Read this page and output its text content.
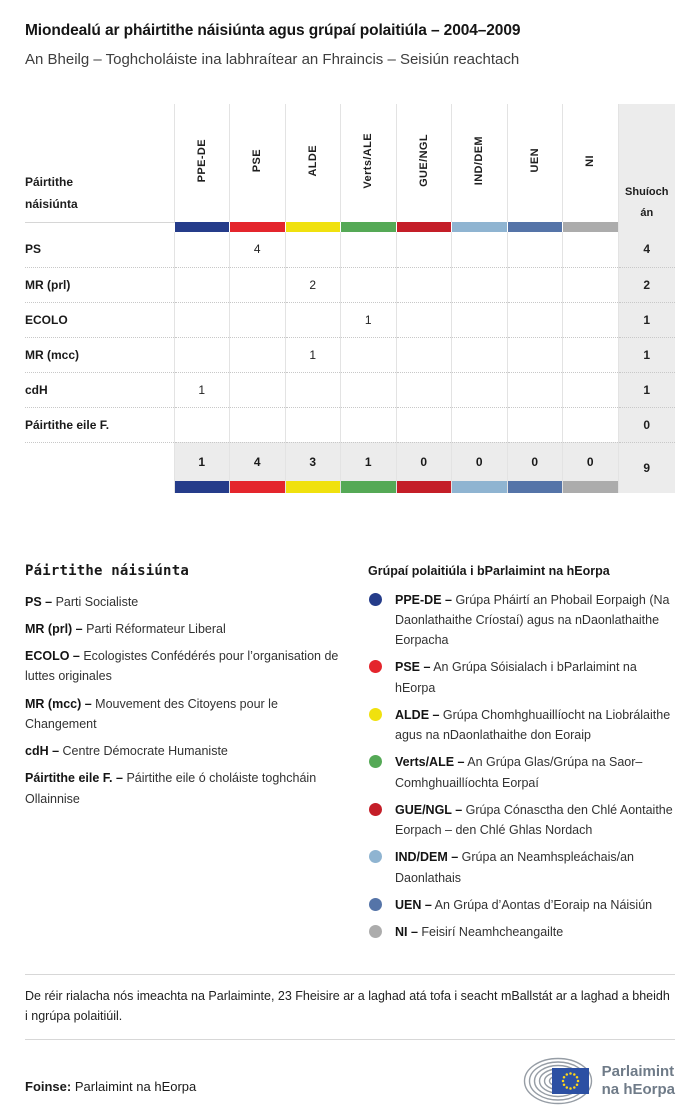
Miondealú ar pháirtithe náisiúnta agus grúpaí polaitiúla – 2004–2009

An Bheilg – Toghcholáiste ina labhraítear an Fhraincis – Seisiún reachtach

Páirtithe náisiúnta	PPE-DE	PSE	ALDE	Verts/ALE	GUE/NGL	IND/DEM	UEN	NI	Shuíochán

PS		4							4
MR (prl)			2						2
ECOLO				1					1
MR (mcc)			1						1
cdH	1								1
Páirtithe eile F.									0

1	4	3	1	0	0	0	0	9
Páirtithe náisiúnta
PS – Parti Socialiste
MR (prl) – Parti Réformateur Liberal
ECOLO – Ecologistes Confédérés pour l’organisation de luttes originales
MR (mcc) – Mouvement des Citoyens pour le Changement
cdH – Centre Démocrate Humaniste
Páirtithe eile F. – Páirtithe eile ó choláiste toghcháin Ollainnise
Grúpaí polaitiúla i bParlaimint na hEorpa
PPE-DE – Grúpa Pháirtí an Phobail Eorpaigh (Na Daonlathaithe Críostaí) agus na nDaonlathaithe Eorpacha
PSE – An Grúpa Sóisialach i bParlaimint na hEorpa
ALDE – Grúpa Chomhghuaillíocht na Liobrálaithe agus na nDaonlathaithe don Eoraip
Verts/ALE – An Grúpa Glas/Grúpa na Saor–Comhghuaillíochta Eorpaí
GUE/NGL – Grúpa Cónasctha den Chlé Aontaithe Eorpach – den Chlé Ghlas Nordach
IND/DEM – Grúpa an Neamhspleáchais/an Daonlathais
UEN – An Grúpa d’Aontas d’Eoraip na Náisiún
NI – Feisirí Neamhcheangailte

De réir rialacha nós imeachta na Parlaiminte, 23 Fheisire ar a laghad atá tofa i seacht mBallstát ar a laghad a bheidh i ngrúpa polaitiúil.

Foinse: Parlaimint na hEorpa

Parlaimint
na hEorpa
